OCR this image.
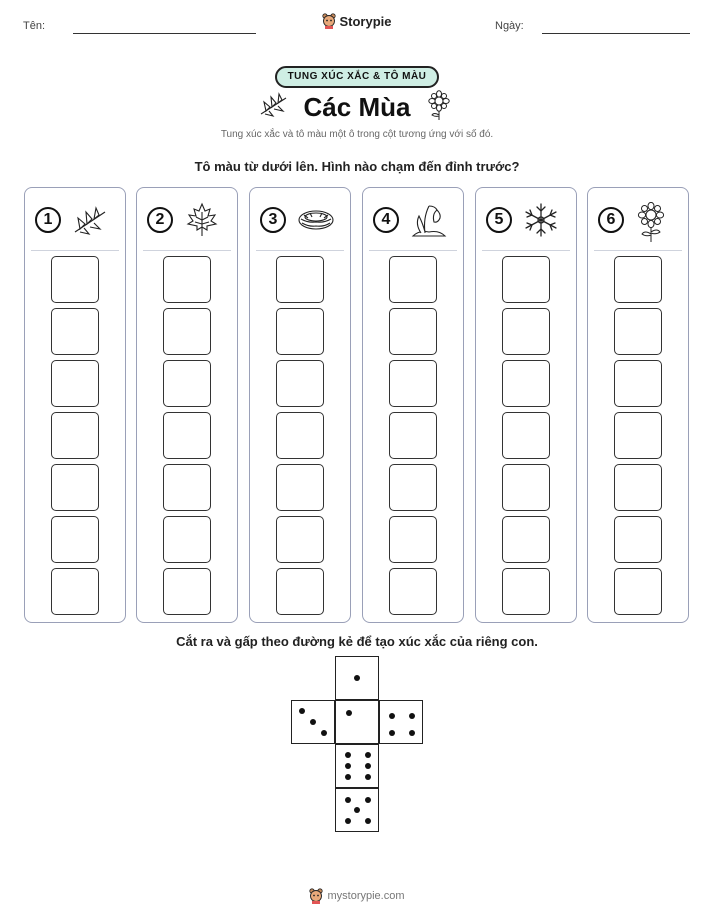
Tên:	Storypie	Ngày:
TUNG XÚC XẮC & TÔ MÀU
Các Mùa
Tung xúc xắc và tô màu một ô trong cột tương ứng với số đó.
Tô màu từ dưới lên. Hình nào chạm đến đỉnh trước?
1	2	3	4	5	6
Cắt ra và gấp theo đường kẻ để tạo xúc xắc của riêng con.
mystorypie.com
